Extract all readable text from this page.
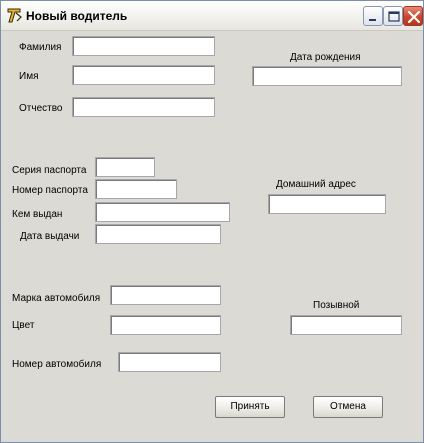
Новый водитель
Фамилия
Имя
Отчество
Дата рождения
Серия паспорта
Номер паспорта
Кем выдан
Дата выдачи
Домашний адрес
Марка автомобиля
Цвет
Номер автомобиля
Позывной
Принять	Отмена
